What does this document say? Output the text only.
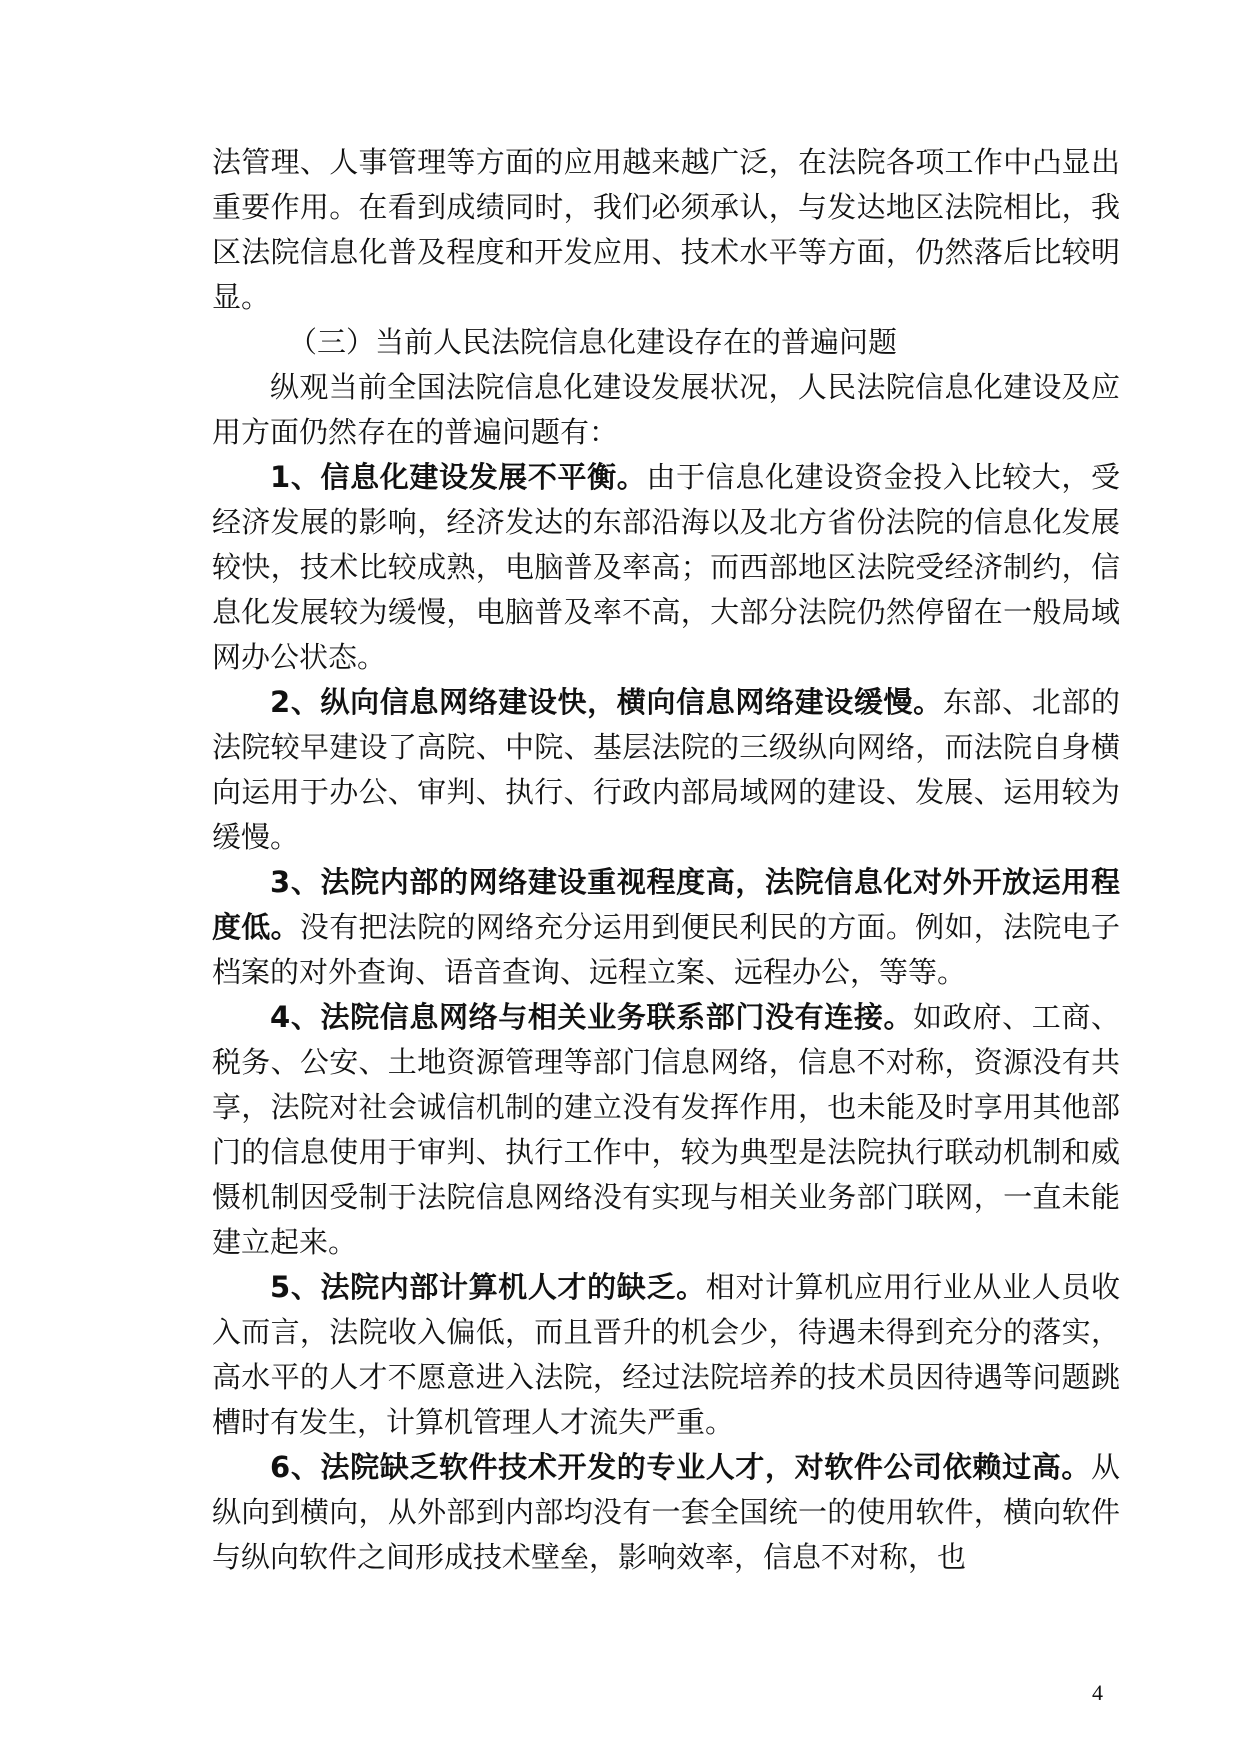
法管理、人事管理等方面的应用越来越广泛，在法院各项工作中凸显出重要作用。在看到成绩同时，我们必须承认，与发达地区法院相比，我区法院信息化普及程度和开发应用、技术水平等方面，仍然落后比较明显。

（三）当前人民法院信息化建设存在的普遍问题

纵观当前全国法院信息化建设发展状况，人民法院信息化建设及应用方面仍然存在的普遍问题有：

1、信息化建设发展不平衡。由于信息化建设资金投入比较大，受经济发展的影响，经济发达的东部沿海以及北方省份法院的信息化发展较快，技术比较成熟，电脑普及率高；而西部地区法院受经济制约，信息化发展较为缓慢，电脑普及率不高，大部分法院仍然停留在一般局域网办公状态。

2、纵向信息网络建设快，横向信息网络建设缓慢。东部、北部的法院较早建设了高院、中院、基层法院的三级纵向网络，而法院自身横向运用于办公、审判、执行、行政内部局域网的建设、发展、运用较为缓慢。

3、法院内部的网络建设重视程度高，法院信息化对外开放运用程度低。没有把法院的网络充分运用到便民利民的方面。例如，法院电子档案的对外查询、语音查询、远程立案、远程办公，等等。

4、法院信息网络与相关业务联系部门没有连接。如政府、工商、税务、公安、土地资源管理等部门信息网络，信息不对称，资源没有共享，法院对社会诚信机制的建立没有发挥作用，也未能及时享用其他部门的信息使用于审判、执行工作中，较为典型是法院执行联动机制和威慑机制因受制于法院信息网络没有实现与相关业务部门联网，一直未能建立起来。

5、法院内部计算机人才的缺乏。相对计算机应用行业从业人员收入而言，法院收入偏低，而且晋升的机会少，待遇未得到充分的落实，高水平的人才不愿意进入法院，经过法院培养的技术员因待遇等问题跳槽时有发生，计算机管理人才流失严重。

6、法院缺乏软件技术开发的专业人才，对软件公司依赖过高。从纵向到横向，从外部到内部均没有一套全国统一的使用软件，横向软件与纵向软件之间形成技术壁垒，影响效率，信息不对称，也

4
